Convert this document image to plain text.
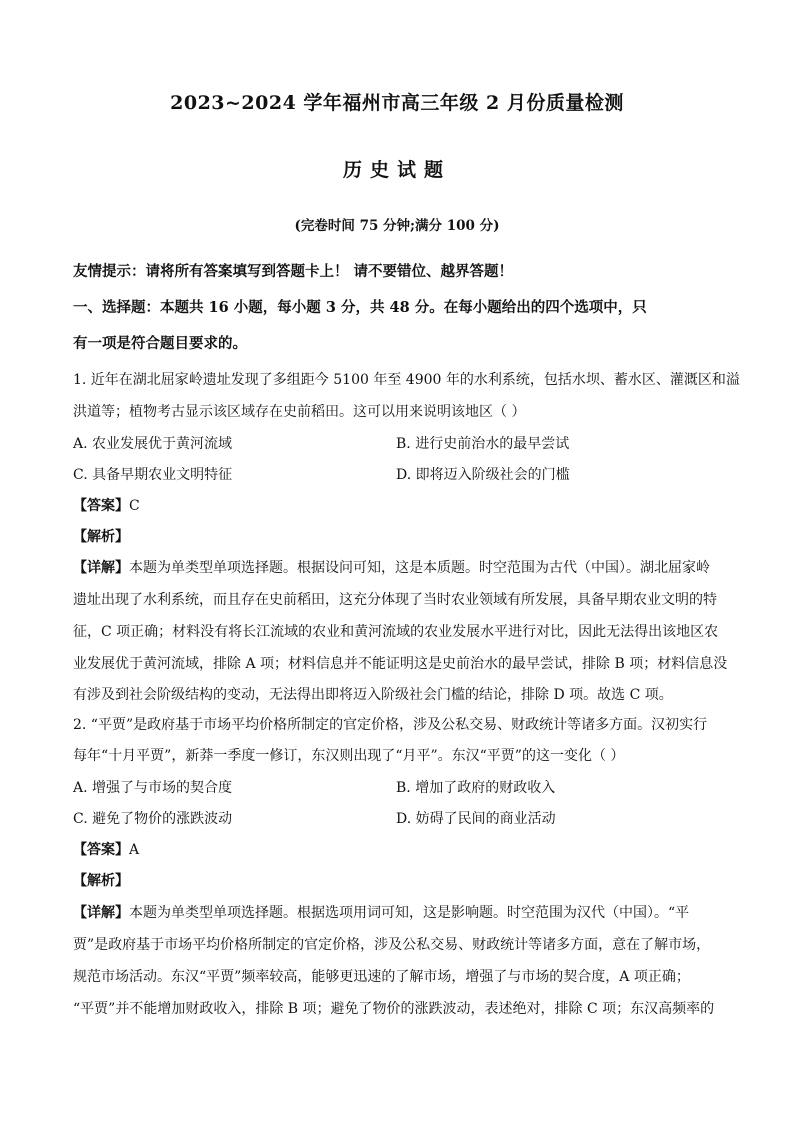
2023~2024 学年福州市高三年级 2 月份质量检测
历史试题
(完卷时间 75 分钟;满分 100 分)
友情提示：请将所有答案填写到答题卡上！ 请不要错位、越界答题！
一、选择题：本题共 16 小题，每小题 3 分，共 48 分。在每小题给出的四个选项中，只
有一项是符合题目要求的。
1. 近年在湖北屈家岭遗址发现了多组距今 5100 年至 4900 年的水利系统，包括水坝、蓄水区、灌溉区和溢
洪道等；植物考古显示该区域存在史前稻田。这可以用来说明该地区（ ）
A. 农业发展优于黄河流域	B. 进行史前治水的最早尝试
C. 具备早期农业文明特征	D. 即将迈入阶级社会的门槛
【答案】C
【解析】
【详解】本题为单类型单项选择题。根据设问可知，这是本质题。时空范围为古代（中国）。湖北屈家岭
遗址出现了水利系统，而且存在史前稻田，这充分体现了当时农业领域有所发展，具备早期农业文明的特
征，C 项正确；材料没有将长江流域的农业和黄河流域的农业发展水平进行对比，因此无法得出该地区农
业发展优于黄河流域，排除 A 项；材料信息并不能证明这是史前治水的最早尝试，排除 B 项；材料信息没
有涉及到社会阶级结构的变动，无法得出即将迈入阶级社会门槛的结论，排除 D 项。故选 C 项。
2. “平贾”是政府基于市场平均价格所制定的官定价格，涉及公私交易、财政统计等诸多方面。汉初实行
每年“十月平贾”，新莽一季度一修订，东汉则出现了“月平”。东汉“平贾”的这一变化（ ）
A. 增强了与市场的契合度	B. 增加了政府的财政收入
C. 避免了物价的涨跌波动	D. 妨碍了民间的商业活动
【答案】A
【解析】
【详解】本题为单类型单项选择题。根据选项用词可知，这是影响题。时空范围为汉代（中国）。“平
贾”是政府基于市场平均价格所制定的官定价格，涉及公私交易、财政统计等诸多方面，意在了解市场，
规范市场活动。东汉“平贾”频率较高，能够更迅速的了解市场，增强了与市场的契合度，A 项正确；
“平贾”并不能增加财政收入，排除 B 项；避免了物价的涨跌波动，表述绝对，排除 C 项；东汉高频率的
